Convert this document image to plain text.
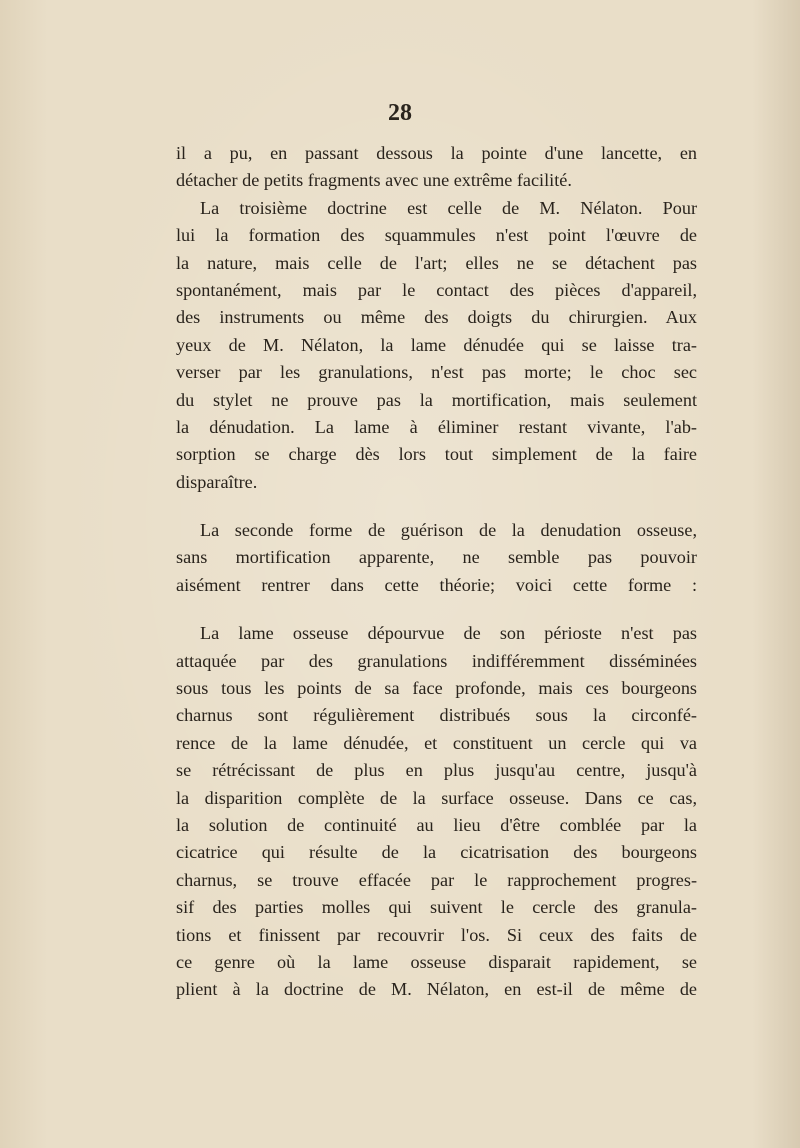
28

il a pu, en passant dessous la pointe d'une lancette, en
détacher de petits fragments avec une extrême facilité.

La troisième doctrine est celle de M. Nélaton. Pour
lui la formation des squammules n'est point l'œuvre de
la nature, mais celle de l'art; elles ne se détachent pas
spontanément, mais par le contact des pièces d'appareil,
des instruments ou même des doigts du chirurgien. Aux
yeux de M. Nélaton, la lame dénudée qui se laisse tra-
verser par les granulations, n'est pas morte; le choc sec
du stylet ne prouve pas la mortification, mais seulement
la dénudation. La lame à éliminer restant vivante, l'ab-
sorption se charge dès lors tout simplement de la faire
disparaître.

La seconde forme de guérison de la denudation osseuse,
sans mortification apparente, ne semble pas pouvoir
aisément rentrer dans cette théorie; voici cette forme :

La lame osseuse dépourvue de son périoste n'est pas
attaquée par des granulations indifféremment disséminées
sous tous les points de sa face profonde, mais ces bourgeons
charnus sont régulièrement distribués sous la circonfé-
rence de la lame dénudée, et constituent un cercle qui va
se rétrécissant de plus en plus jusqu'au centre, jusqu'à
la disparition complète de la surface osseuse. Dans ce cas,
la solution de continuité au lieu d'être comblée par la
cicatrice qui résulte de la cicatrisation des bourgeons
charnus, se trouve effacée par le rapprochement progres-
sif des parties molles qui suivent le cercle des granula-
tions et finissent par recouvrir l'os. Si ceux des faits de
ce genre où la lame osseuse disparait rapidement, se
plient à la doctrine de M. Nélaton, en est-il de même de
